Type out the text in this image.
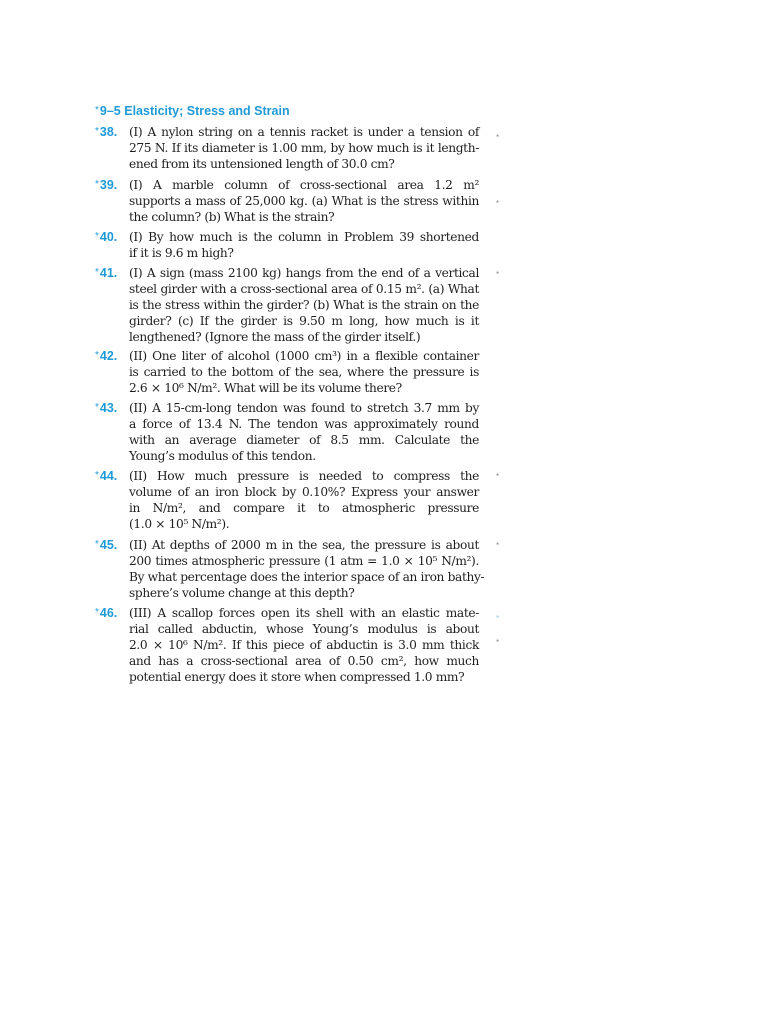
*9–5 Elasticity; Stress and Strain
*38. (I) A nylon string on a tennis racket is under a tension of
275 N. If its diameter is 1.00 mm, by how much is it length-
ened from its untensioned length of 30.0 cm?
*39. (I) A marble column of cross-sectional area 1.2 m²
supports a mass of 25,000 kg. (a) What is the stress within
the column? (b) What is the strain?
*40. (I) By how much is the column in Problem 39 shortened
if it is 9.6 m high?
*41. (I) A sign (mass 2100 kg) hangs from the end of a vertical
steel girder with a cross-sectional area of 0.15 m². (a) What
is the stress within the girder? (b) What is the strain on the
girder? (c) If the girder is 9.50 m long, how much is it
lengthened? (Ignore the mass of the girder itself.)
*42. (II) One liter of alcohol (1000 cm³) in a flexible container
is carried to the bottom of the sea, where the pressure is
2.6 × 10⁶ N/m². What will be its volume there?
*43. (II) A 15-cm-long tendon was found to stretch 3.7 mm by
a force of 13.4 N. The tendon was approximately round
with an average diameter of 8.5 mm. Calculate the
Young’s modulus of this tendon.
*44. (II) How much pressure is needed to compress the
volume of an iron block by 0.10%? Express your answer
in N/m², and compare it to atmospheric pressure
(1.0 × 10⁵ N/m²).
*45. (II) At depths of 2000 m in the sea, the pressure is about
200 times atmospheric pressure (1 atm = 1.0 × 10⁵ N/m²).
By what percentage does the interior space of an iron bathy-
sphere’s volume change at this depth?
*46. (III) A scallop forces open its shell with an elastic mate-
rial called abductin, whose Young’s modulus is about
2.0 × 10⁶ N/m². If this piece of abductin is 3.0 mm thick
and has a cross-sectional area of 0.50 cm², how much
potential energy does it store when compressed 1.0 mm?
*
*
*
*
*
*
*
